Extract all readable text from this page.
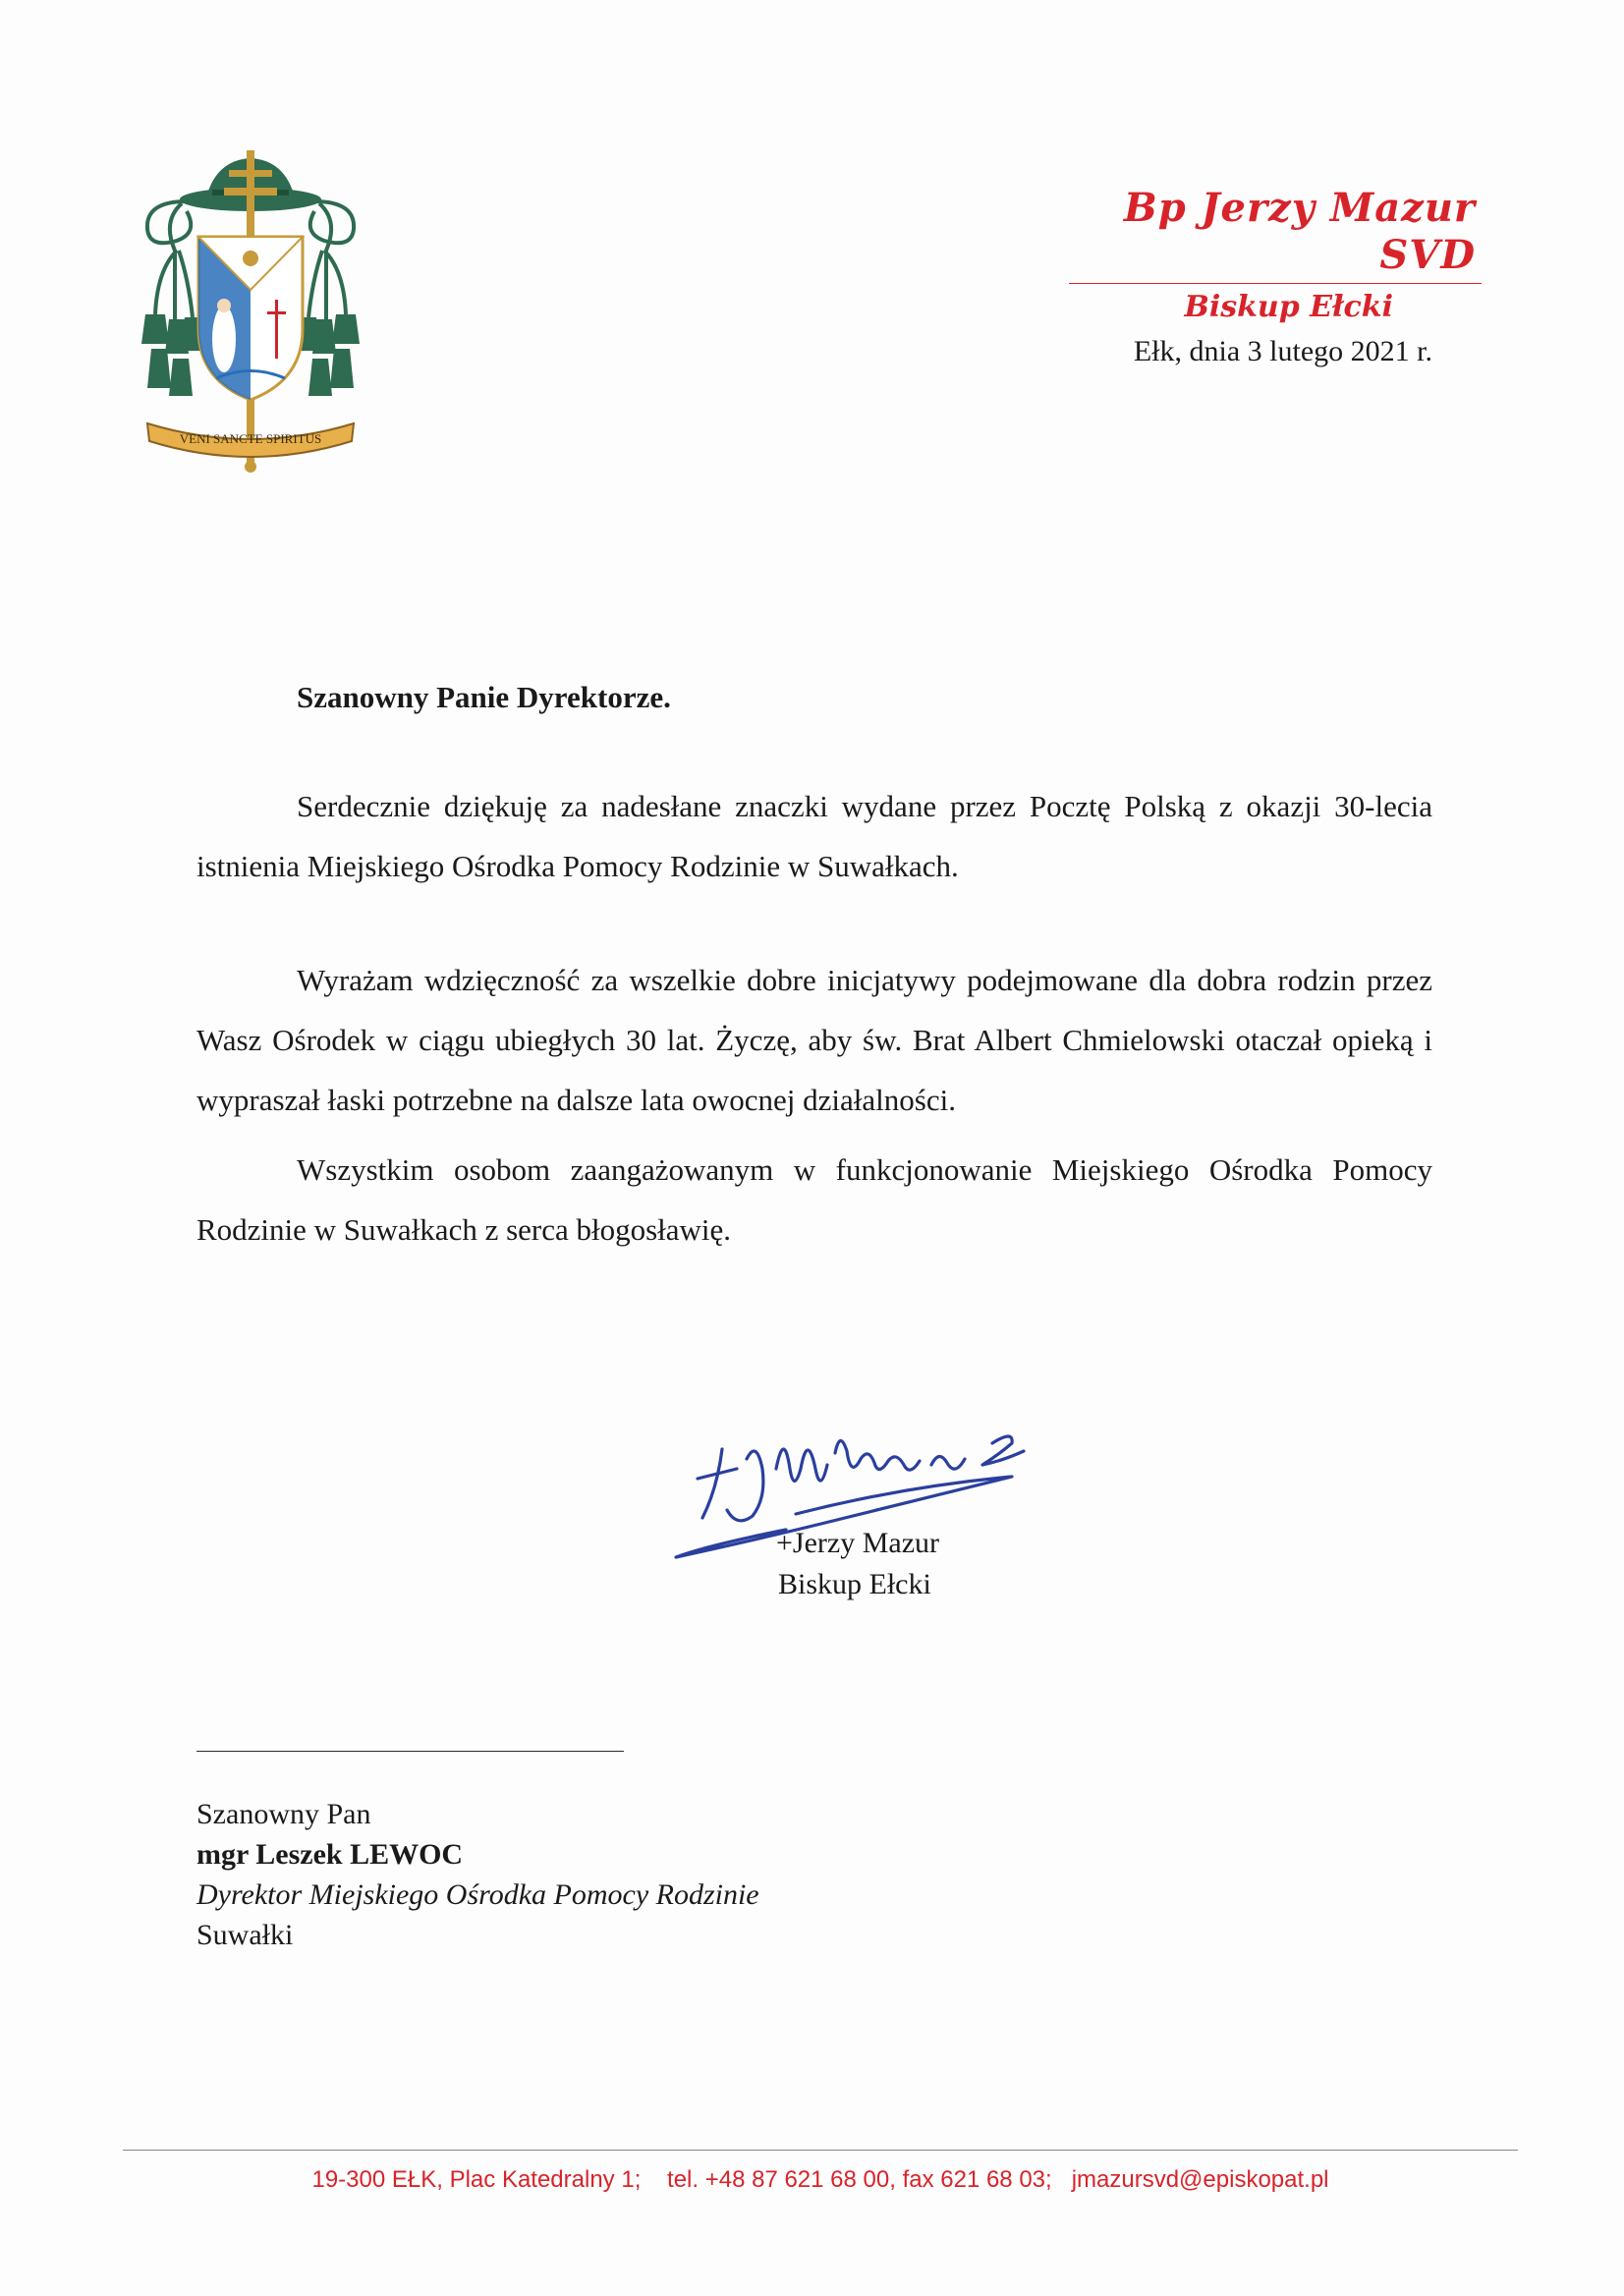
VENI SANCTE SPIRITUS
Bp Jerzy Mazur SVD
Biskup Ełcki
Ełk, dnia 3 lutego 2021 r.
Szanowny Panie Dyrektorze.

Serdecznie dziękuję za nadesłane znaczki wydane przez Pocztę Polską z okazji 30-lecia istnienia Miejskiego Ośrodka Pomocy Rodzinie w Suwałkach.

Wyrażam wdzięczność za wszelkie dobre inicjatywy podejmowane dla dobra rodzin przez Wasz Ośrodek w ciągu ubiegłych 30 lat. Życzę, aby św. Brat Albert Chmielowski otaczał opieką i wypraszał łaski potrzebne na dalsze lata owocnej działalności.

Wszystkim osobom zaangażowanym w funkcjonowanie Miejskiego Ośrodka Pomocy Rodzinie w Suwałkach z serca błogosławię.

+Jerzy Mazur
Biskup Ełcki
Szanowny Pan
mgr Leszek LEWOC
Dyrektor Miejskiego Ośrodka Pomocy Rodzinie
Suwałki
19-300 EŁK, Plac Katedralny 1;    tel. +48 87 621 68 00, fax 621 68 03;   jmazursvd@episkopat.pl
